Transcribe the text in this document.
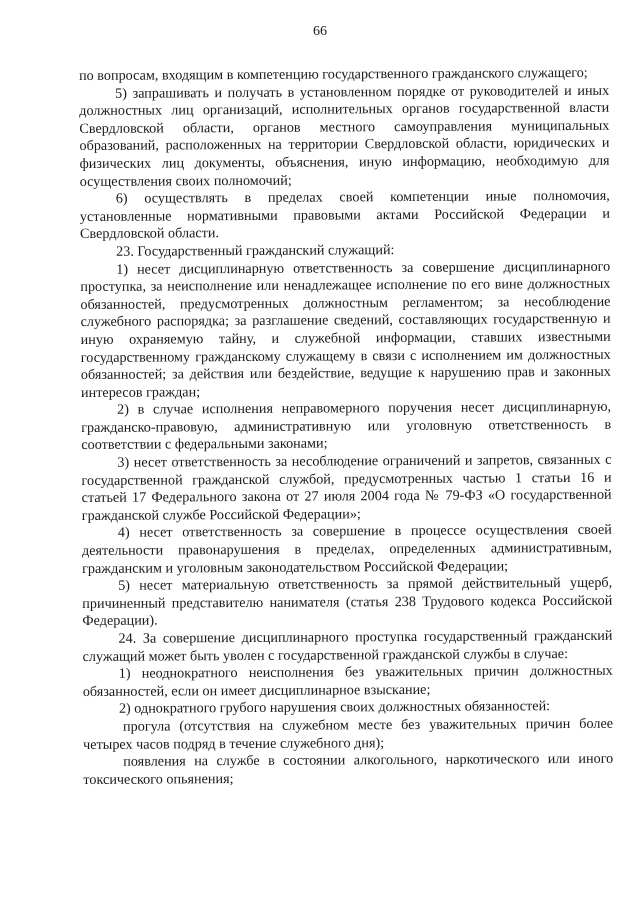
66

по вопросам, входящим в компетенцию государственного гражданского служащего;

5) запрашивать и получать в установленном порядке от руководителей и иных должностных лиц организаций, исполнительных органов государственной власти Свердловской области, органов местного самоуправления муниципальных образований, расположенных на территории Свердловской области, юридических и физических лиц документы, объяснения, иную информацию, необходимую для осуществления своих полномочий;

6) осуществлять в пределах своей компетенции иные полномочия, установленные нормативными правовыми актами Российской Федерации и Свердловской области.

23. Государственный гражданский служащий:

1) несет дисциплинарную ответственность за совершение дисциплинарного проступка, за неисполнение или ненадлежащее исполнение по его вине должностных обязанностей, предусмотренных должностным регламентом; за несоблюдение служебного распорядка; за разглашение сведений, составляющих государственную и иную охраняемую тайну, и служебной информации, ставших известными государственному гражданскому служащему в связи с исполнением им должностных обязанностей; за действия или бездействие, ведущие к нарушению прав и законных интересов граждан;

2) в случае исполнения неправомерного поручения несет дисциплинарную, гражданско-правовую, административную или уголовную ответственность в соответствии с федеральными законами;

3) несет ответственность за несоблюдение ограничений и запретов, связанных с государственной гражданской службой, предусмотренных частью 1 статьи 16 и статьей 17 Федерального закона от 27 июля 2004 года № 79-ФЗ «О государственной гражданской службе Российской Федерации»;

4) несет ответственность за совершение в процессе осуществления своей деятельности правонарушения в пределах, определенных административным, гражданским и уголовным законодательством Российской Федерации;

5) несет материальную ответственность за прямой действительный ущерб, причиненный представителю нанимателя (статья 238 Трудового кодекса Российской Федерации).

24. За совершение дисциплинарного проступка государственный гражданский служащий может быть уволен с государственной гражданской службы в случае:

1) неоднократного неисполнения без уважительных причин должностных обязанностей, если он имеет дисциплинарное взыскание;

2) однократного грубого нарушения своих должностных обязанностей:

прогула (отсутствия на служебном месте без уважительных причин более четырех часов подряд в течение служебного дня);

появления на службе в состоянии алкогольного, наркотического или иного токсического опьянения;
